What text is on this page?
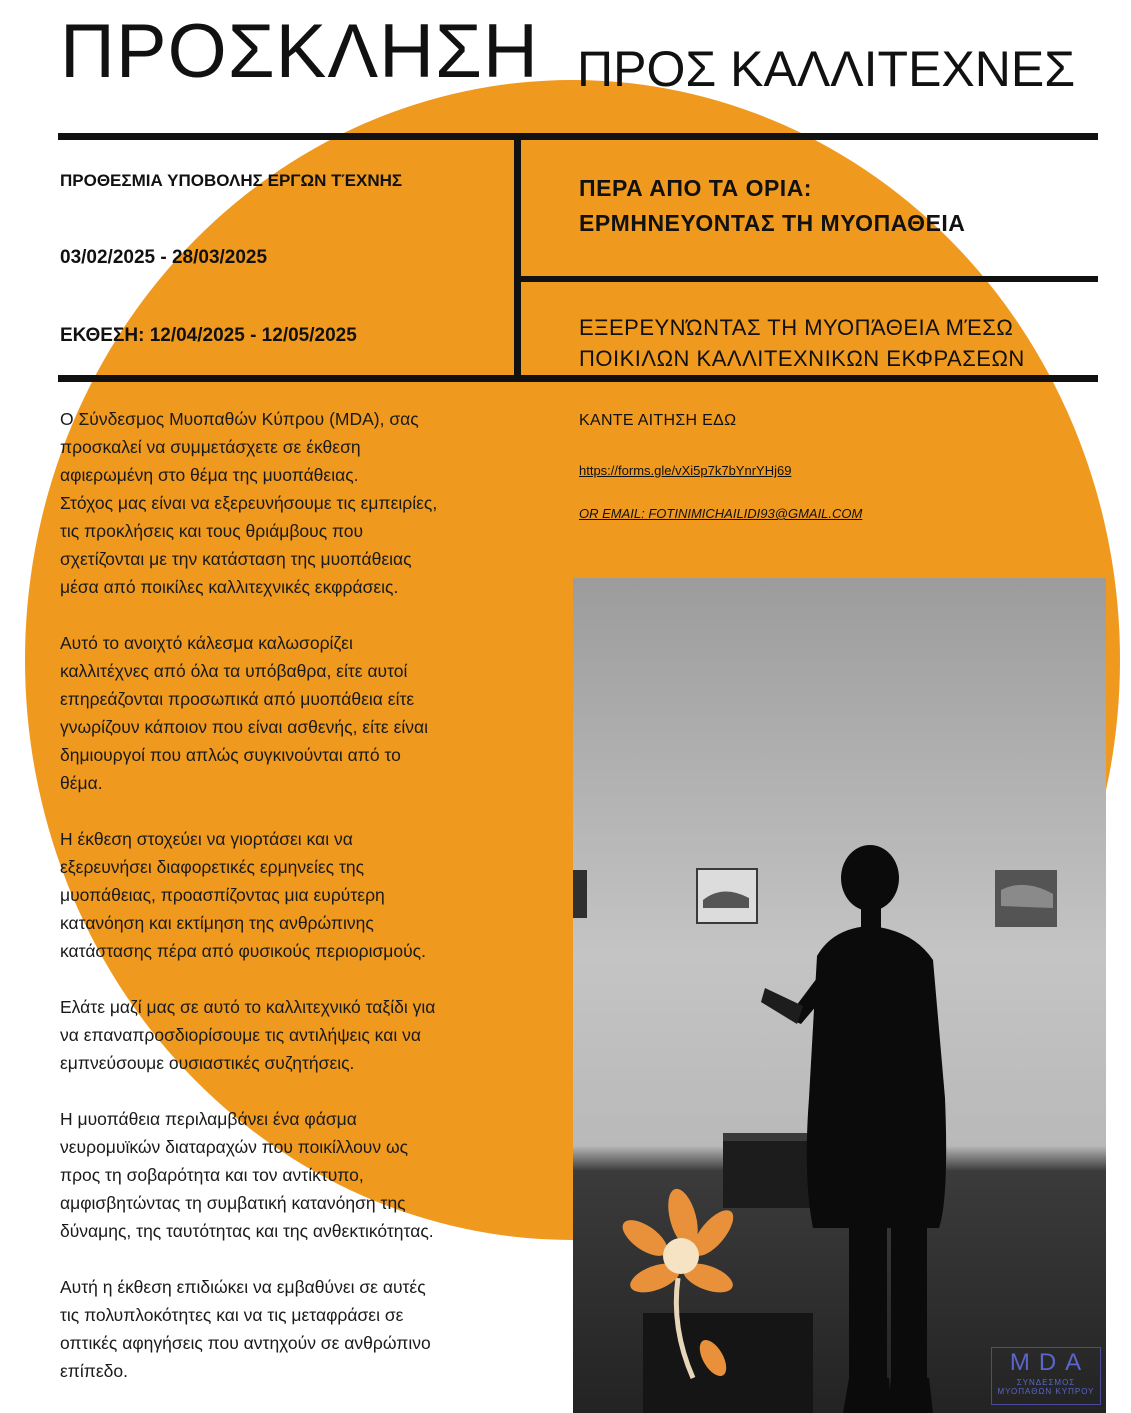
ΠΡΟΣΚΛΗΣΗ ΠΡΟΣ ΚΑΛΛΙΤΕΧΝΕΣ
ΠΡΟΘΕΣΜΙΑ ΥΠΟΒΟΛΗΣ ΕΡΓΩΝ ΤΈΧΝΗΣ
03/02/2025 - 28/03/2025
ΕΚΘΕΣΗ: 12/04/2025 - 12/05/2025
ΠΕΡΑ ΑΠΟ ΤΑ ΟΡΙΑ:
ΕΡΜΗΝΕΥΟΝΤΑΣ ΤΗ ΜΥΟΠΑΘΕΙΑ
ΕΞΕΡΕΥΝΏΝΤΑΣ ΤΗ ΜΥΟΠΆΘΕΙΑ ΜΈΣΩ
ΠΟΙΚΙΛΩΝ ΚΑΛΛΙΤΕΧΝΙΚΩΝ ΕΚΦΡΑΣΕΩΝ
ΚΑΝΤΕ ΑΙΤΗΣΗ ΕΔΩ
https://forms.gle/vXi5p7k7bYnrYHj69
OR EMAIL: FOTINIMICHAILIDI93@GMAIL.COM

Ο Σύνδεσμος Μυοπαθών Κύπρου (MDA), σας
προσκαλεί να συμμετάσχετε σε έκθεση
αφιερωμένη στο θέμα της μυοπάθειας.
Στόχος μας είναι να εξερευνήσουμε τις εμπειρίες,
τις προκλήσεις και τους θριάμβους που
σχετίζονται με την κατάσταση της μυοπάθειας
μέσα από ποικίλες καλλιτεχνικές εκφράσεις.

Αυτό το ανοιχτό κάλεσμα καλωσορίζει
καλλιτέχνες από όλα τα υπόβαθρα, είτε αυτοί
επηρεάζονται προσωπικά από μυοπάθεια είτε
γνωρίζουν κάποιον που είναι ασθενής, είτε είναι
δημιουργοί που απλώς συγκινούνται από το
θέμα.

Η έκθεση στοχεύει να γιορτάσει και να
εξερευνήσει διαφορετικές ερμηνείες της
μυοπάθειας, προασπίζοντας μια ευρύτερη
κατανόηση και εκτίμηση της ανθρώπινης
κατάστασης πέρα από φυσικούς περιορισμούς.

Ελάτε μαζί μας σε αυτό το καλλιτεχνικό ταξίδι για
να επαναπροσδιορίσουμε τις αντιλήψεις και να
εμπνεύσουμε ουσιαστικές συζητήσεις.

Η μυοπάθεια περιλαμβάνει ένα φάσμα
νευρομυϊκών διαταραχών που ποικίλλουν ως
προς τη σοβαρότητα και τον αντίκτυπο,
αμφισβητώντας τη συμβατική κατανόηση της
δύναμης, της ταυτότητας και της ανθεκτικότητας.

Αυτή η έκθεση επιδιώκει να εμβαθύνει σε αυτές
τις πολυπλοκότητες και να τις μεταφράσει σε
οπτικές αφηγήσεις που αντηχούν σε ανθρώπινο
επίπεδο.	MDA
ΣΥΝΔΕΣΜΟΣ
ΜΥΟΠΑΘΩΝ ΚΥΠΡΟΥ
